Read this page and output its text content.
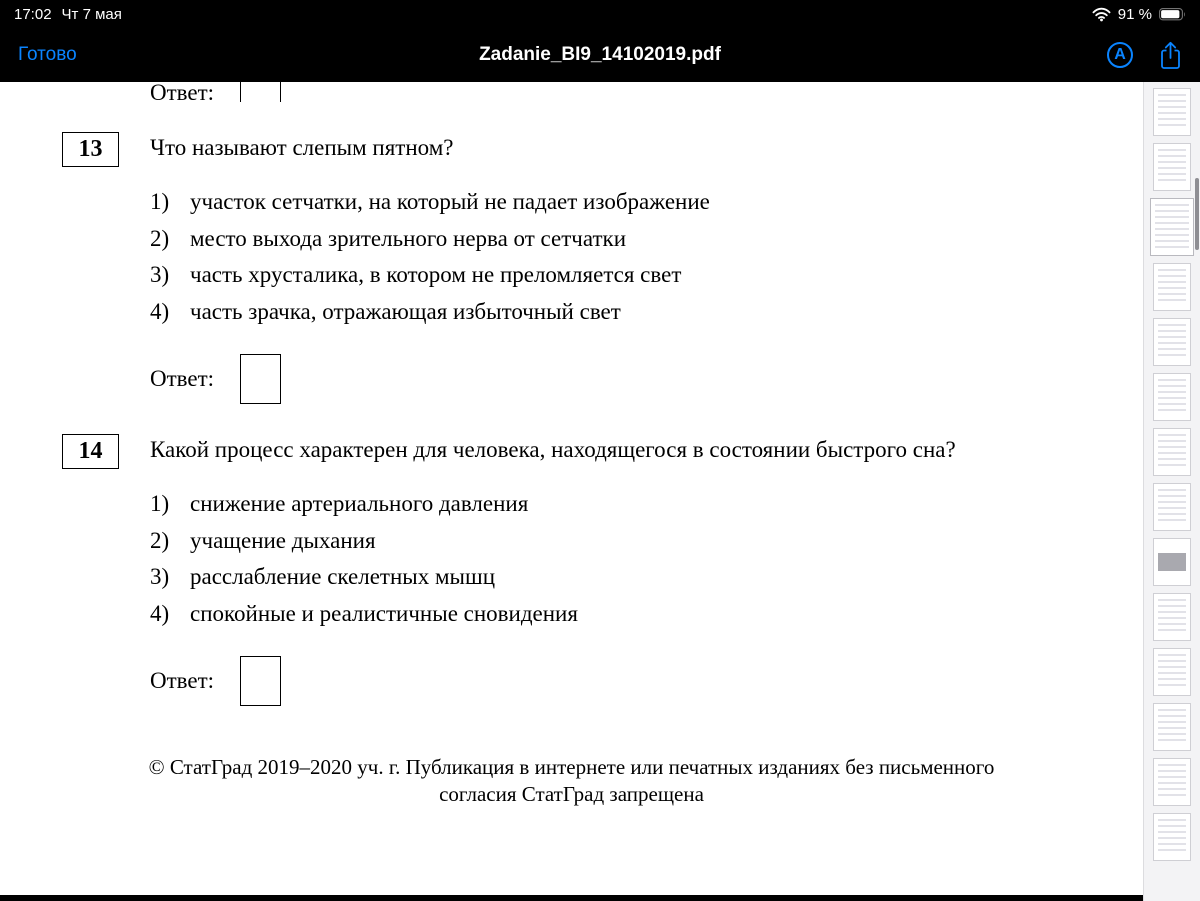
17:02 Чт 7 мая	91 %
Готово	Zadanie_BI9_14102019.pdf	A
Ответ:
13	Что называют слепым пятном?
1) участок сетчатки, на который не падает изображение
2) место выхода зрительного нерва от сетчатки
3) часть хрусталика, в котором не преломляется свет
4) часть зрачка, отражающая избыточный свет
Ответ:
14	Какой процесс характерен для человека, находящегося в состоянии быстрого сна?
1) снижение артериального давления
2) учащение дыхания
3) расслабление скелетных мышц
4) спокойные и реалистичные сновидения
Ответ:
© СтатГрад 2019–2020 уч. г. Публикация в интернете или печатных изданиях без письменного
согласия СтатГрад запрещена
